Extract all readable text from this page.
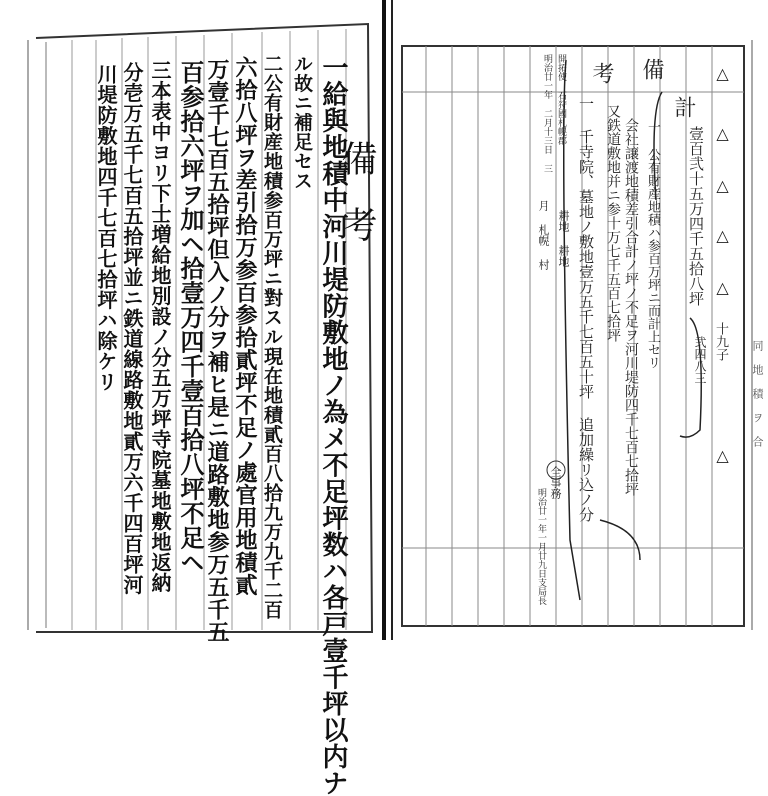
備考
一給與地積中河川堤防敷地ノ為メ不足坪数ハ各戸壹千坪以内ナ
ル故ニ補足セス
二公有財産地積参百万坪ニ對スル現在地積貳百八拾九万九千二百
六拾八坪ヲ差引拾万参百参拾貳坪不足ノ處官用地積貳
万壹千七百五拾坪但入ノ分ヲ補ヒ是ニ道路敷地参万五千五
百参拾六坪ヲ加ヘ拾壹万四千壹百拾八坪不足ヘ
三本表中ヨリ下士増給地別設ノ分五万坪寺院墓地敷地返納
分壱万五千七百五拾坪並ニ鉄道線路敷地貳万六千四百坪河
川堤防敷地四千七百七拾坪ハ除ケリ	計
壹百弐十五万四千五拾八坪
備
考
一 公有財産地積ハ参百万坪ニ而計上セリ
会社譲渡地積差引合計ノ坪ノ不足ヲ河川堤防四千七百七拾坪
又鉄道敷地并ニ参十万七千五百七拾坪
一 千寺院、墓地ノ敷地壹万五千七百五十坪 追加繰リ込ノ分
明治廿一年 二月十三日 三 開拓使 石狩國札幌郡
月 札幌 村 耕地 耕地
△
△
△
△
△
十九子
弐四八三
△
全事務
明治廿一年一月廿九日支局長
同 地 積 ヲ 合
